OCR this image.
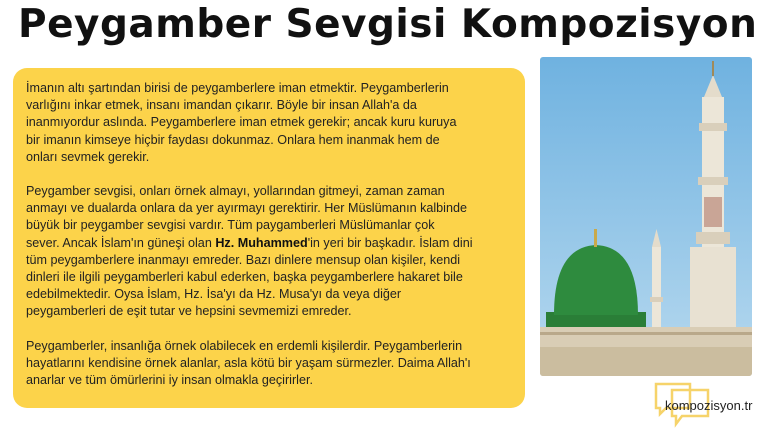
Peygamber Sevgisi Kompozisyon
İmanın altı şartından birisi de peygamberlere iman etmektir. Peygamberlerin
varlığını inkar etmek, insanı imandan çıkarır. Böyle bir insan Allah'a da
inanmıyordur aslında. Peygamberlere iman etmek gerekir; ancak kuru kuruya
bir imanın kimseye hiçbir faydası dokunmaz. Onlara hem inanmak hem de
onları sevmek gerekir.
Peygamber sevgisi, onları örnek almayı, yollarından gitmeyi, zaman zaman
anmayı ve dualarda onlara da yer ayırmayı gerektirir. Her Müslümanın kalbinde
büyük bir peygamber sevgisi vardır. Tüm paygamberleri Müslümanlar çok
sever. Ancak İslam'ın güneşi olan Hz. Muhammed'in yeri bir başkadır. İslam dini
tüm peygamberlere inanmayı emreder. Bazı dinlere mensup olan kişiler, kendi
dinleri ile ilgili peygamberleri kabul ederken, başka peygamberlere hakaret bile
edebilmektedir. Oysa İslam, Hz. İsa'yı da Hz. Musa'yı da veya diğer
peygamberleri de eşit tutar ve hepsini sevmemizi emreder.
Peygamberler, insanlığa örnek olabilecek en erdemli kişilerdir. Peygamberlerin
hayatlarını kendisine örnek alanlar, asla kötü bir yaşam sürmezler. Daima Allah'ı
anarlar ve tüm ömürlerini iy insan olmakla geçirirler.
kompozisyon.tr
